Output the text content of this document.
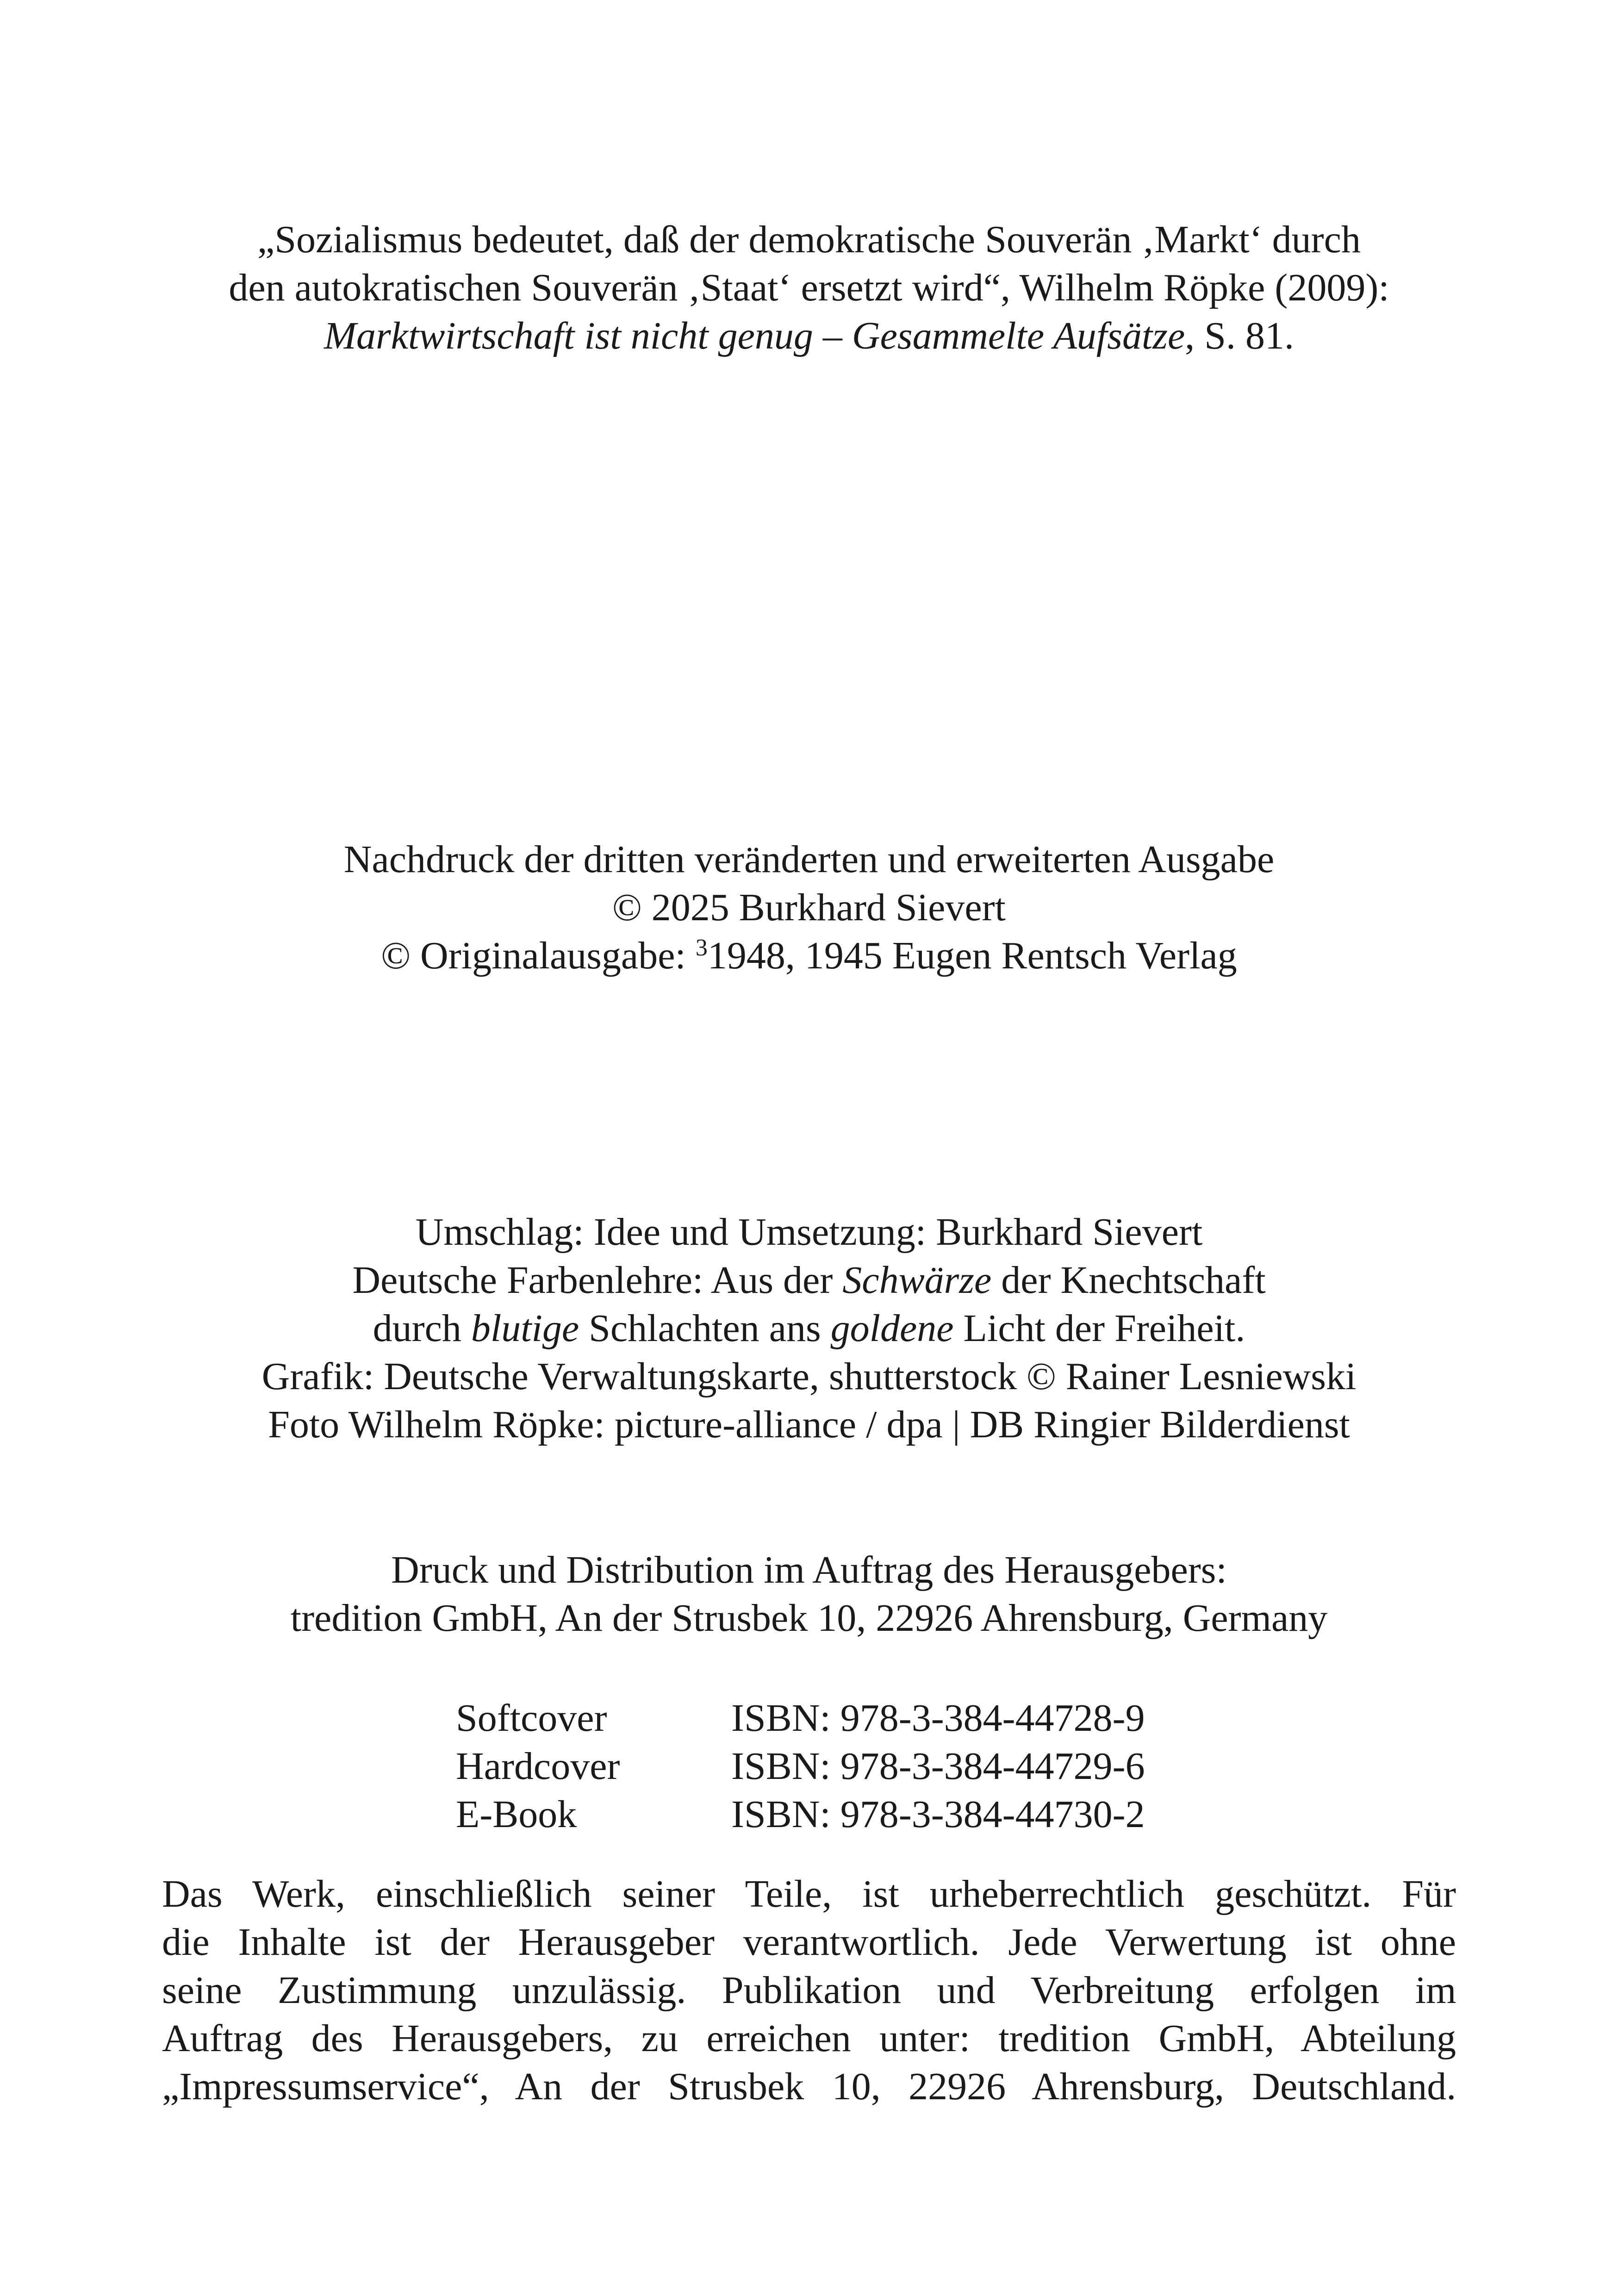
„Sozialismus bedeutet, daß der demokratische Souverän ‚Markt‘ durch
den autokratischen Souverän ‚Staat‘ ersetzt wird“, Wilhelm Röpke (2009):
Marktwirtschaft ist nicht genug – Gesammelte Aufsätze, S. 81.
Nachdruck der dritten veränderten und erweiterten Ausgabe
© 2025 Burkhard Sievert
© Originalausgabe: $^3$1948, 1945 Eugen Rentsch Verlag
Umschlag: Idee und Umsetzung: Burkhard Sievert
Deutsche Farbenlehre: Aus der Schwärze der Knechtschaft
durch blutige Schlachten ans goldene Licht der Freiheit.
Grafik: Deutsche Verwaltungskarte, shutterstock © Rainer Lesniewski
Foto Wilhelm Röpke: picture-alliance / dpa | DB Ringier Bilderdienst
Druck und Distribution im Auftrag des Herausgebers:
tredition GmbH, An der Strusbek 10, 22926 Ahrensburg, Germany
Softcover	ISBN: 978-3-384-44728-9
Hardcover	ISBN: 978-3-384-44729-6
E-Book	ISBN: 978-3-384-44730-2
Das Werk, einschließlich seiner Teile, ist urheberrechtlich geschützt. Für
die Inhalte ist der Herausgeber verantwortlich. Jede Verwertung ist ohne
seine Zustimmung unzulässig. Publikation und Verbreitung erfolgen im
Auftrag des Herausgebers, zu erreichen unter: tredition GmbH, Abteilung
„Impressumservice“, An der Strusbek 10, 22926 Ahrensburg, Deutschland.
